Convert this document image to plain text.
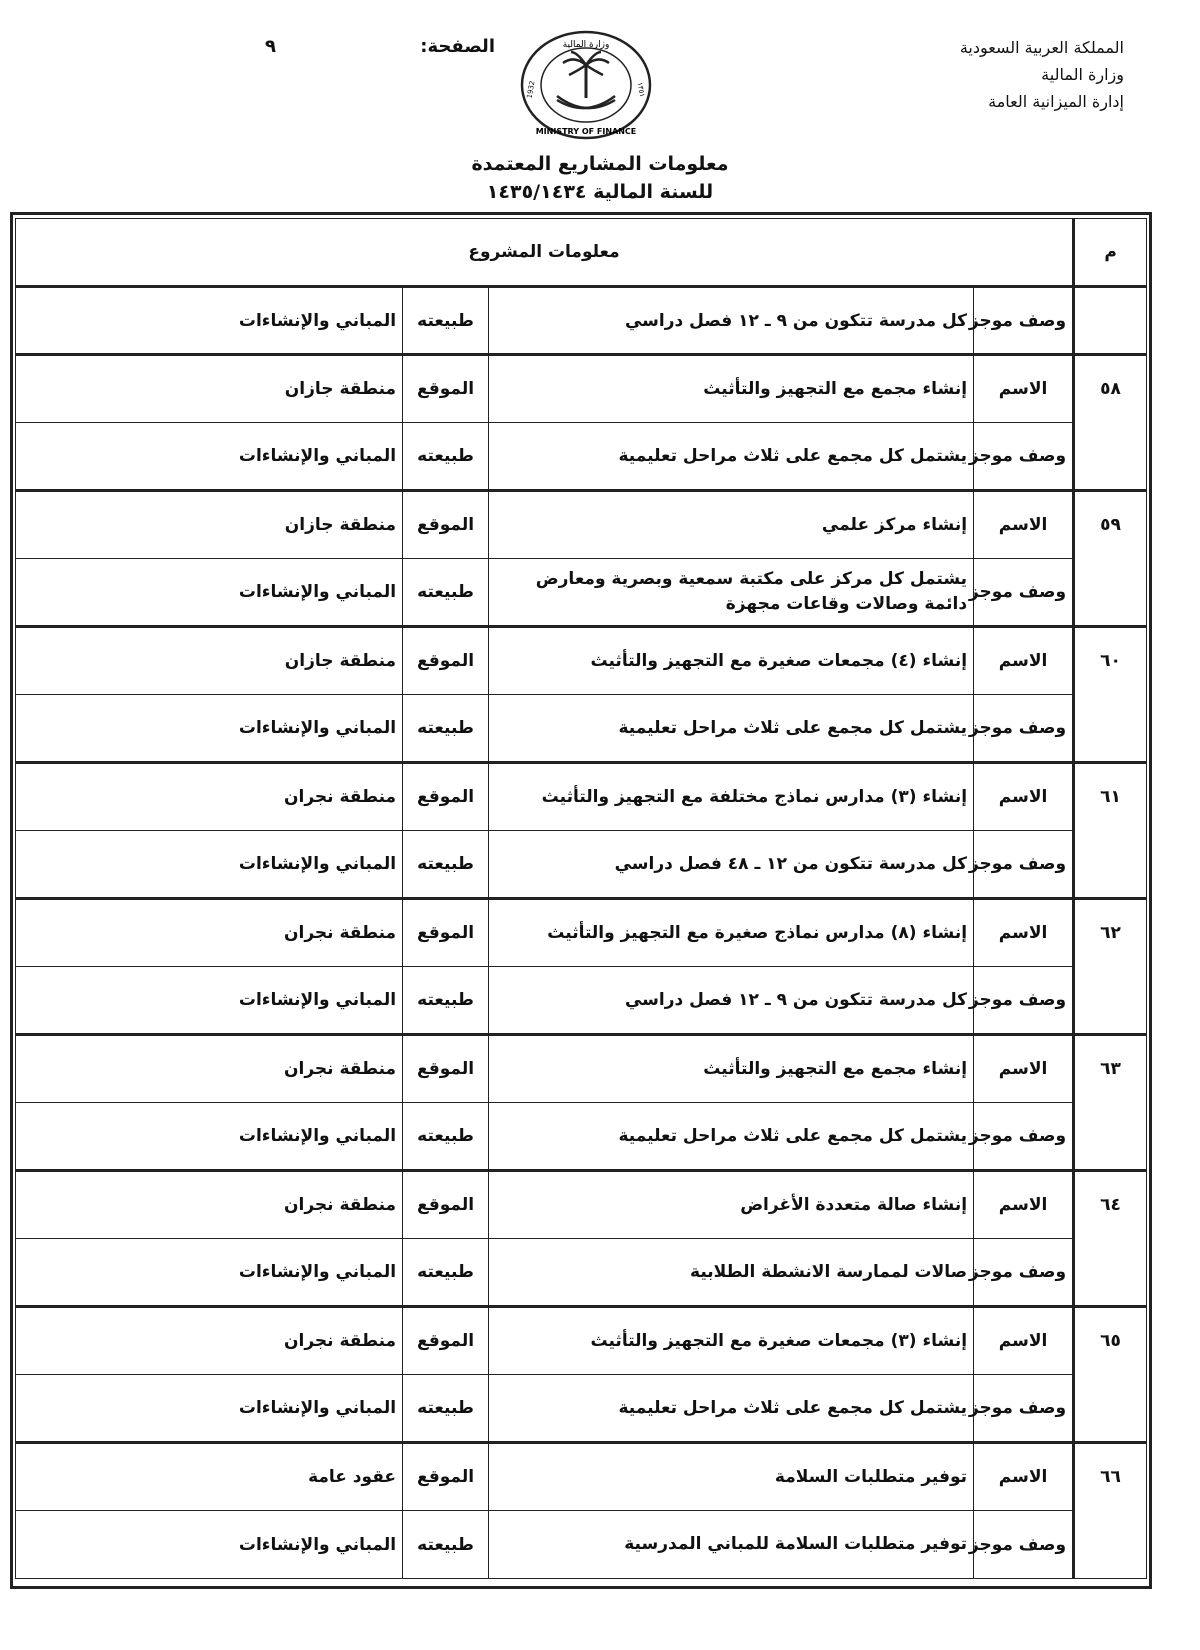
المملكة العربية السعودية
وزارة المالية
إدارة الميزانية العامة
الصفحة:
٩	وزارة المالية
MINISTRY OF FINANCE
1932	١٣٥١
معلومات المشاريع المعتمدة
للسنة المالية ١٤٣٥/١٤٣٤
م	معلومات المشروع			
	وصف موجز	كل مدرسة تتكون من ٩ ـ ١٢ فصل دراسي	طبيعته	المباني والإنشاءات
٥٨	الاسم	إنشاء مجمع مع التجهيز والتأثيث	الموقع	منطقة جازان
	وصف موجز	يشتمل كل مجمع على ثلاث مراحل تعليمية	طبيعته	المباني والإنشاءات
٥٩	الاسم	إنشاء مركز علمي	الموقع	منطقة جازان
	وصف موجز	يشتمل كل مركز على مكتبة سمعية وبصرية ومعارض دائمة وصالات وقاعات مجهزة	طبيعته	المباني والإنشاءات
٦٠	الاسم	إنشاء (٤) مجمعات صغيرة مع التجهيز والتأثيث	الموقع	منطقة جازان
	وصف موجز	يشتمل كل مجمع على ثلاث مراحل تعليمية	طبيعته	المباني والإنشاءات
٦١	الاسم	إنشاء (٣) مدارس نماذج مختلفة مع التجهيز والتأثيث	الموقع	منطقة نجران
	وصف موجز	كل مدرسة تتكون من ١٢ ـ ٤٨ فصل دراسي	طبيعته	المباني والإنشاءات
٦٢	الاسم	إنشاء (٨) مدارس نماذج صغيرة مع التجهيز والتأثيث	الموقع	منطقة نجران
	وصف موجز	كل مدرسة تتكون من ٩ ـ ١٢ فصل دراسي	طبيعته	المباني والإنشاءات
٦٣	الاسم	إنشاء مجمع مع التجهيز والتأثيث	الموقع	منطقة نجران
	وصف موجز	يشتمل كل مجمع على ثلاث مراحل تعليمية	طبيعته	المباني والإنشاءات
٦٤	الاسم	إنشاء صالة متعددة الأغراض	الموقع	منطقة نجران
	وصف موجز	صالات لممارسة الانشطة الطلابية	طبيعته	المباني والإنشاءات
٦٥	الاسم	إنشاء (٣) مجمعات صغيرة مع التجهيز والتأثيث	الموقع	منطقة نجران
	وصف موجز	يشتمل كل مجمع على ثلاث مراحل تعليمية	طبيعته	المباني والإنشاءات
٦٦	الاسم	توفير متطلبات السلامة	الموقع	عقود عامة
	وصف موجز	توفير متطلبات السلامة للمباني المدرسية	طبيعته	المباني والإنشاءات
